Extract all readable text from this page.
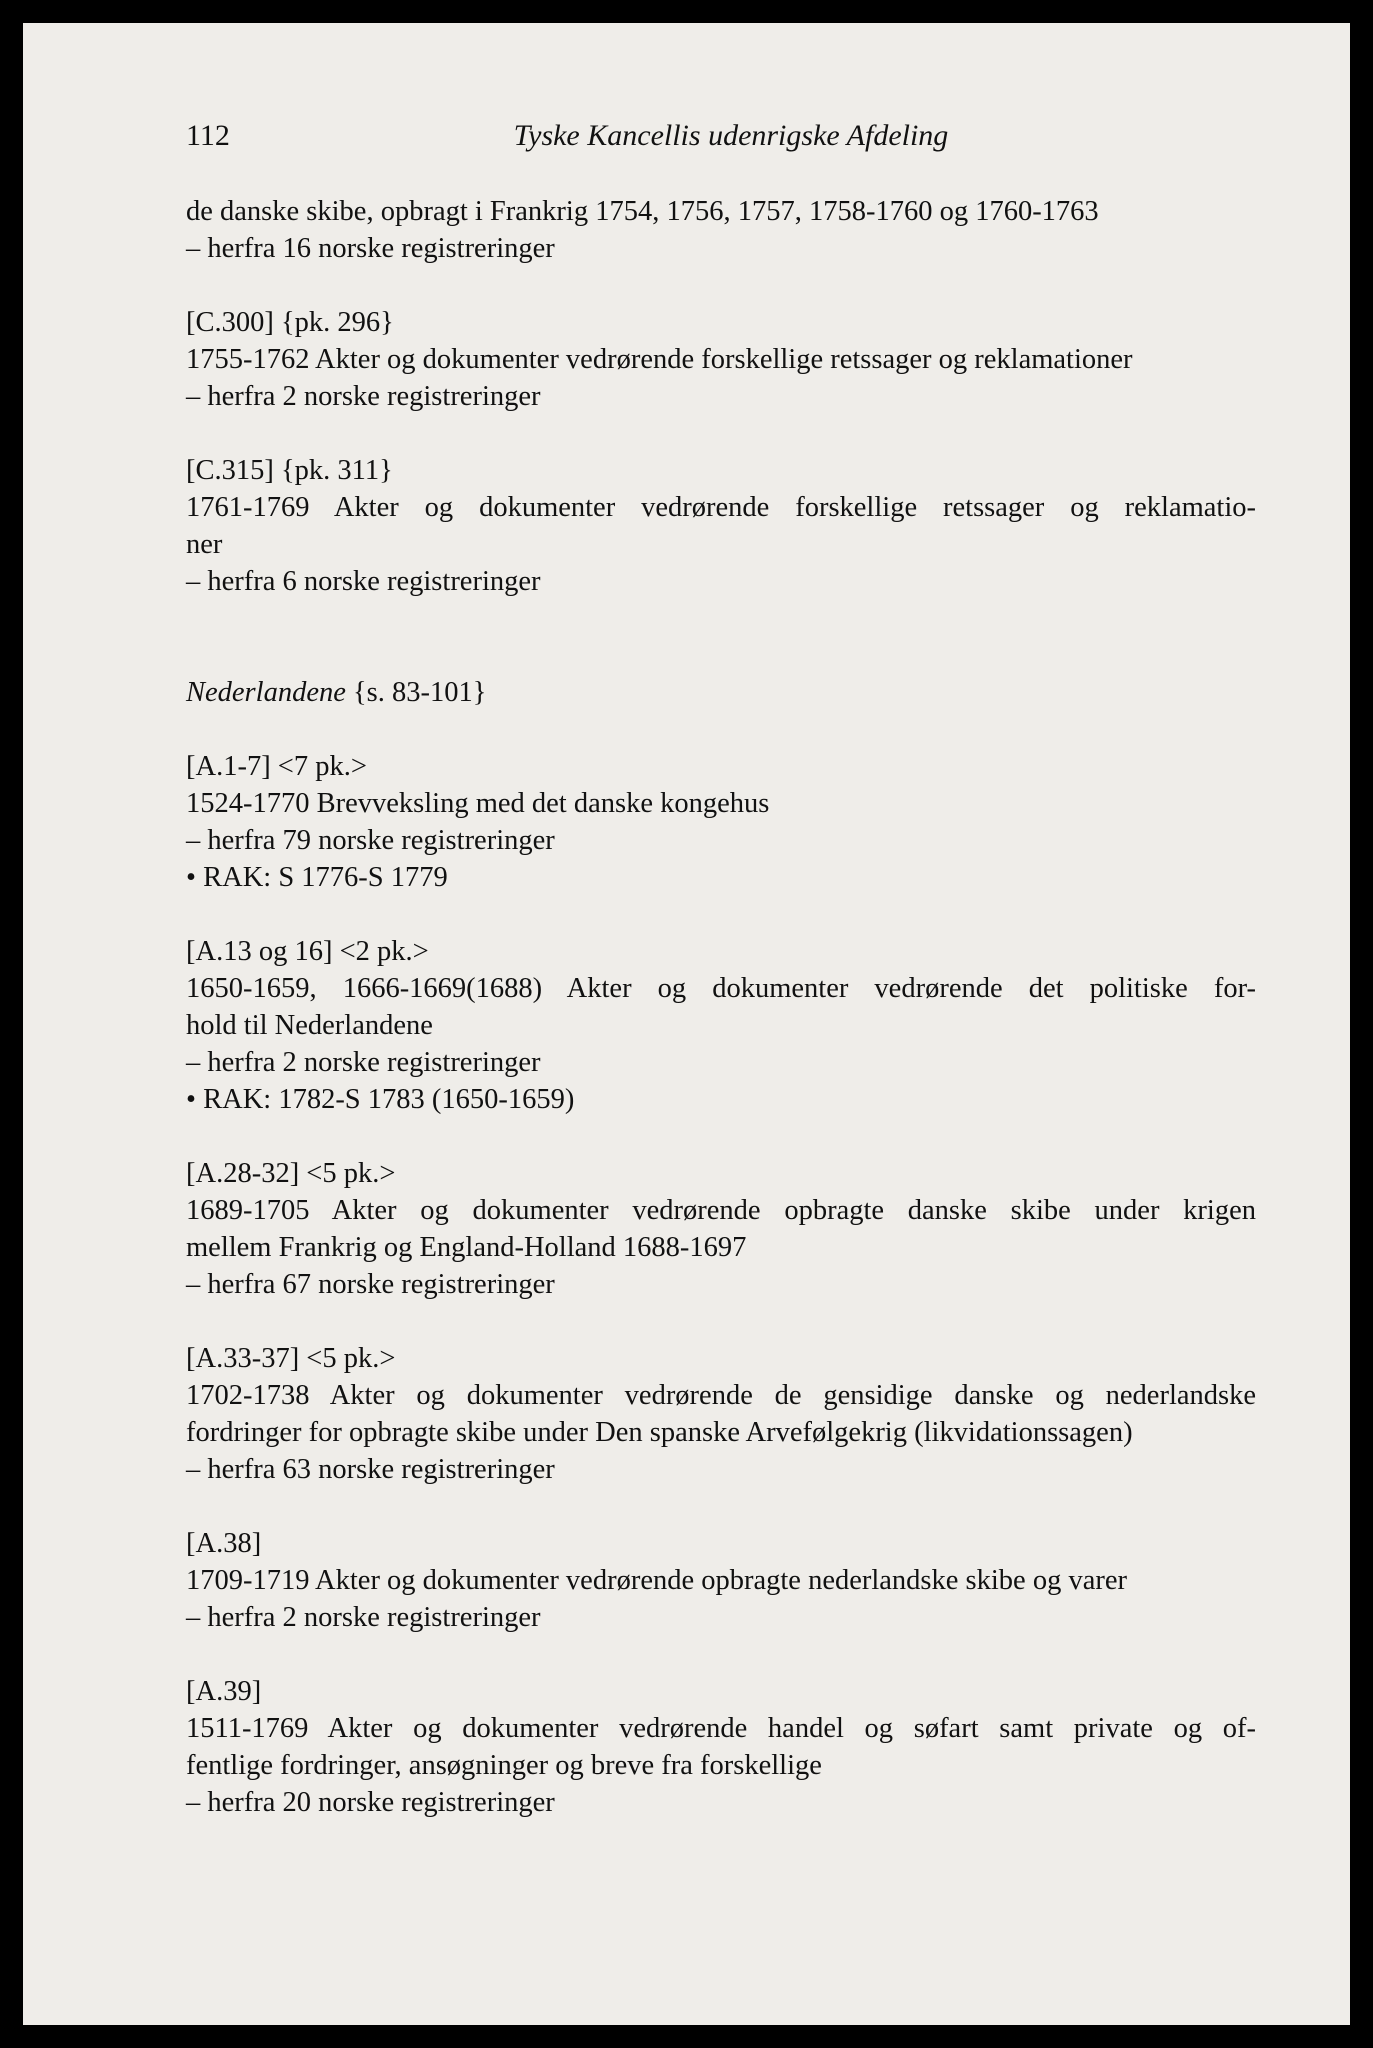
112	Tyske Kancellis udenrigske Afdeling
de danske skibe, opbragt i Frankrig 1754, 1756, 1757, 1758-1760 og 1760-1763
– herfra 16 norske registreringer
[C.300] {pk. 296}
1755-1762 Akter og dokumenter vedrørende forskellige retssager og reklamationer
– herfra 2 norske registreringer
[C.315] {pk. 311}
1761-1769 Akter og dokumenter vedrørende forskellige retssager og reklamatio-
ner
– herfra 6 norske registreringer
Nederlandene {s. 83-101}
[A.1-7] <7 pk.>
1524-1770 Brevveksling med det danske kongehus
– herfra 79 norske registreringer
• RAK: S 1776-S 1779
[A.13 og 16] <2 pk.>
1650-1659, 1666-1669(1688) Akter og dokumenter vedrørende det politiske for-
hold til Nederlandene
– herfra 2 norske registreringer
• RAK: 1782-S 1783 (1650-1659)
[A.28-32] <5 pk.>
1689-1705 Akter og dokumenter vedrørende opbragte danske skibe under krigen
mellem Frankrig og England-Holland 1688-1697
– herfra 67 norske registreringer
[A.33-37] <5 pk.>
1702-1738 Akter og dokumenter vedrørende de gensidige danske og nederlandske
fordringer for opbragte skibe under Den spanske Arvefølgekrig (likvidationssagen)
– herfra 63 norske registreringer
[A.38]
1709-1719 Akter og dokumenter vedrørende opbragte nederlandske skibe og varer
– herfra 2 norske registreringer
[A.39]
1511-1769 Akter og dokumenter vedrørende handel og søfart samt private og of-
fentlige fordringer, ansøgninger og breve fra forskellige
– herfra 20 norske registreringer
